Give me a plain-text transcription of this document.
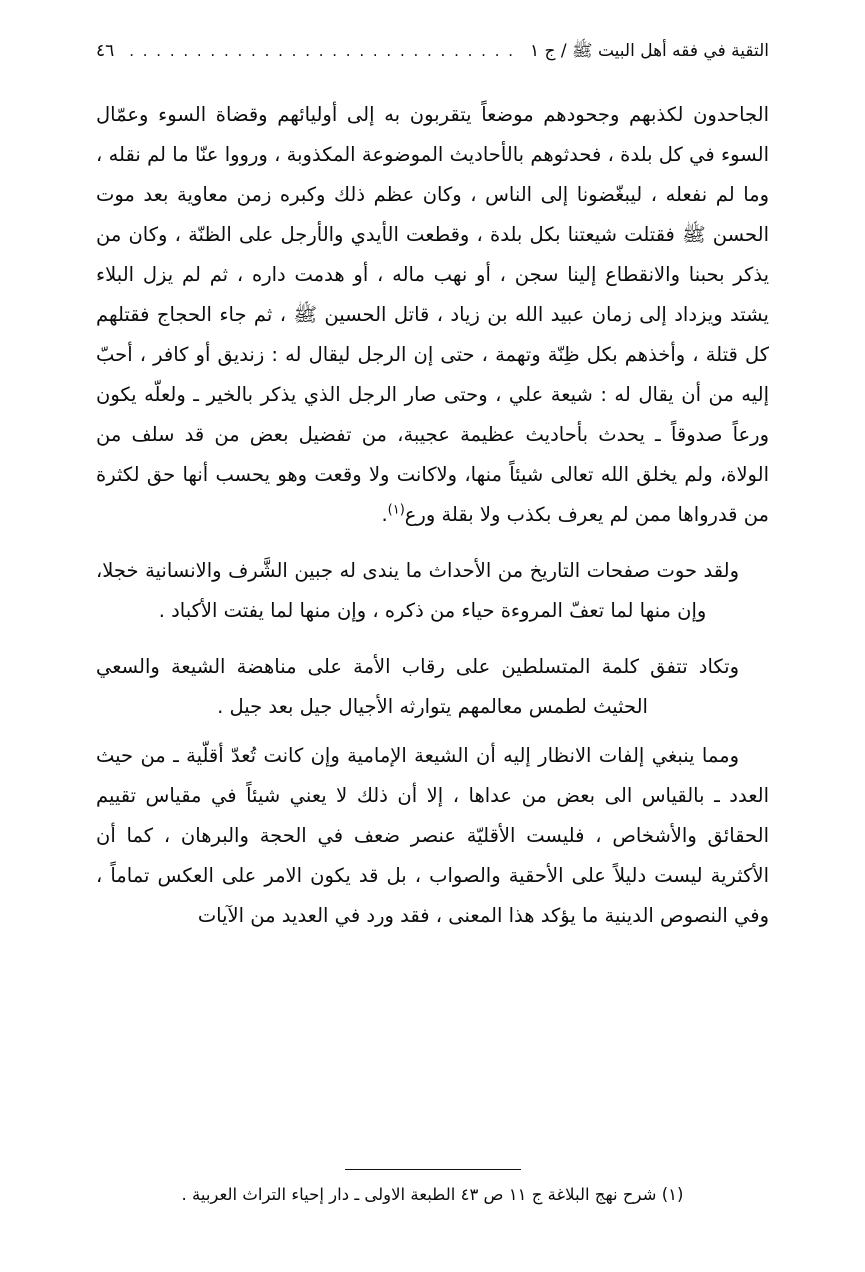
التقية في فقه أهل البيت ﷺ / ج ١
. . . . . . . . . . . . . . . . . . . . . . . . . . . . .
٤٦

الجاحدون لكذبهم وجحودهم موضعاً يتقربون به إلى أوليائهم وقضاة السوء وعمّال السوء في كل بلدة ، فحدثوهم بالأحاديث الموضوعة المكذوبة ، ورووا عنّا ما لم نقله ، وما لم نفعله ، ليبغّضونا إلى الناس ، وكان عظم ذلك وكبره زمن معاوية بعد موت الحسن ﷺ فقتلت شيعتنا بكل بلدة ، وقطعت الأيدي والأرجل على الظنّة ، وكان من يذكر بحبنا والانقطاع إلينا سجن ، أو نهب ماله ، أو هدمت داره ، ثم لم يزل البلاء يشتد ويزداد إلى زمان عبيد الله بن زياد ، قاتل الحسين ﷺ ، ثم جاء الحجاج فقتلهم كل قتلة ، وأخذهم بكل ظِنّة وتهمة ، حتى إن الرجل ليقال له : زنديق أو كافر ، أحبّ إليه من أن يقال له : شيعة علي ، وحتى صار الرجل الذي يذكر بالخير ـ ولعلّه يكون ورعاً صدوقاً ـ يحدث بأحاديث عظيمة عجيبة، من تفضيل بعض من قد سلف من الولاة، ولم يخلق الله تعالى شيئاً منها، ولاكانت ولا وقعت وهو يحسب أنها حق لكثرة من قدرواها ممن لم يعرف بكذب ولا بقلة ورع$^{(١)}$.

ولقد حوت صفحات التاريخ من الأحداث ما يندى له جبين الشَّرف والانسانية خجلا، وإن منها لما تعفّ المروءة حياء من ذكره ، وإن منها لما يفتت الأكباد .

وتكاد تتفق كلمة المتسلطين على رقاب الأمة على مناهضة الشيعة والسعي الحثيث لطمس معالمهم يتوارثه الأجيال جيل بعد جيل .

ومما ينبغي إلفات الانظار إليه أن الشيعة الإمامية وإن كانت تُعدّ أقلّية ـ من حيث العدد ـ بالقياس الى بعض من عداها ، إلا أن ذلك لا يعني شيئاً في مقياس تقييم الحقائق والأشخاص ، فليست الأقليّة عنصر ضعف في الحجة والبرهان ، كما أن الأكثرية ليست دليلاً على الأحقية والصواب ، بل قد يكون الامر على العكس تماماً ، وفي النصوص الدينية ما يؤكد هذا المعنى ، فقد ورد في العديد من الآيات

(١) شرح نهج البلاغة ج ١١ ص ٤٣ الطبعة الاولى ـ دار إحياء التراث العربية .
